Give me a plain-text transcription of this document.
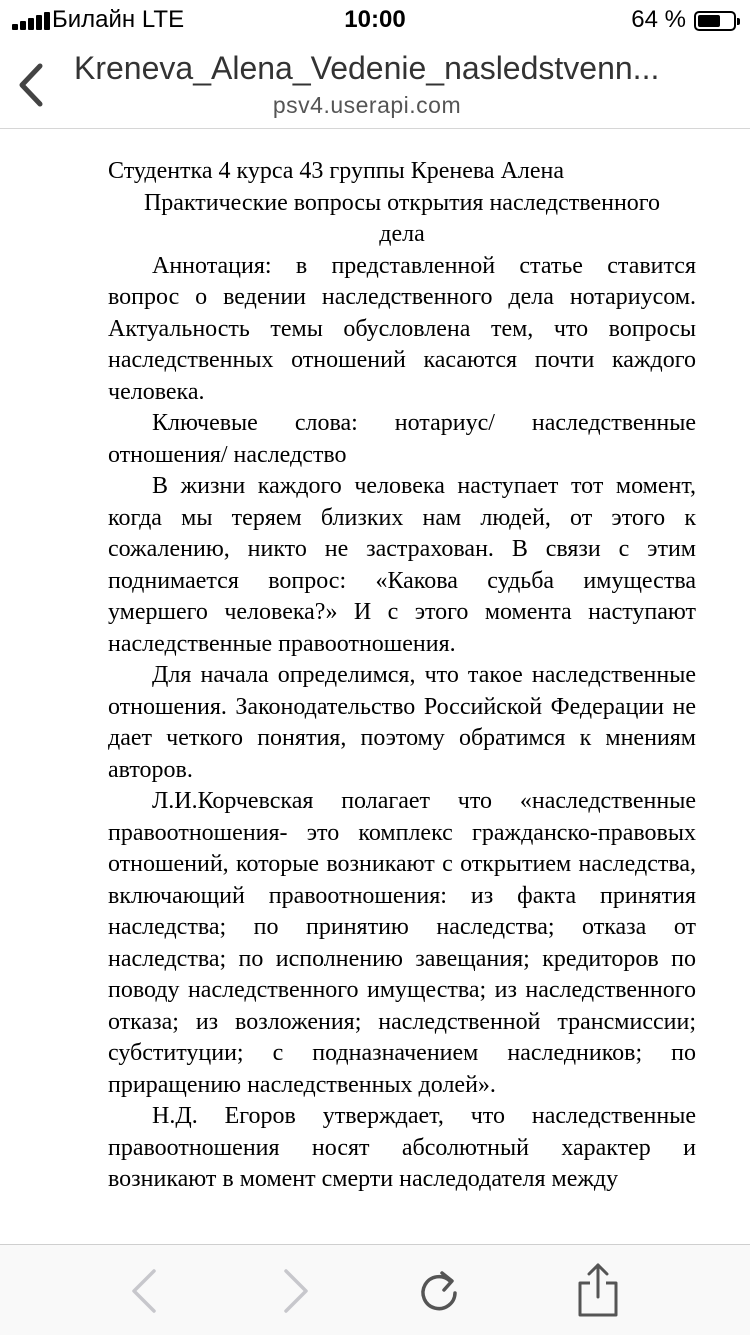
Билайн LTE	10:00	64 %
Kreneva_Alena_Vedenie_nasledstvenn...
psv4.userapi.com
Студентка 4 курса 43 группы Кренева Алена
Практические вопросы открытия наследственного
дела

Аннотация: в представленной статье ставится вопрос о ведении наследственного дела нотариусом. Актуальность темы обусловлена тем, что вопросы наследственных отношений касаются почти каждого человека.

Ключевые слова: нотариус/ наследственные отношения/ наследство

В жизни каждого человека наступает тот момент, когда мы теряем близких нам людей, от этого к сожалению, никто не застрахован. В связи с этим поднимается вопрос: «Какова судьба имущества умершего человека?» И с этого момента наступают наследственные правоотношения.

Для начала определимся, что такое наследственные отношения. Законодательство Российской Федерации не дает четкого понятия, поэтому обратимся к мнениям авторов.

Л.И.Корчевская полагает что «наследственные правоотношения- это комплекс гражданско-правовых отношений, которые возникают с открытием наследства, включающий правоотношения: из факта принятия наследства; по принятию наследства; отказа от наследства; по исполнению завещания; кредиторов по поводу наследственного имущества; из наследственного отказа; из возложения; наследственной трансмиссии; субституции; с подназначением наследников; по приращению наследственных долей».

Н.Д. Егоров утверждает, что наследственные правоотношения носят абсолютный характер и возникают в момент смерти наследодателя между
